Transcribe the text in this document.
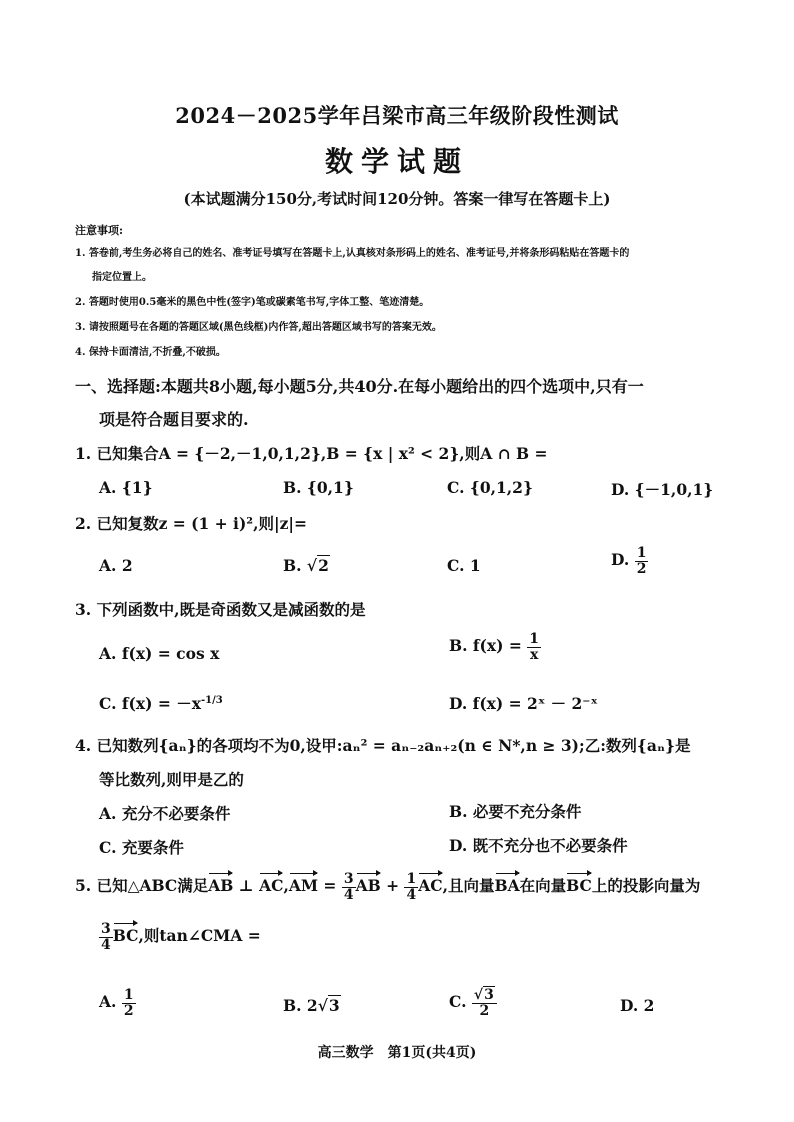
2024－2025学年吕梁市高三年级阶段性测试
数学试题
(本试题满分150分,考试时间120分钟。答案一律写在答题卡上)
注意事项:
1. 答卷前,考生务必将自己的姓名、准考证号填写在答题卡上,认真核对条形码上的姓名、准考证号,并将条形码粘贴在答题卡的
指定位置上。
2. 答题时使用0.5毫米的黑色中性(签字)笔或碳素笔书写,字体工整、笔迹清楚。
3. 请按照题号在各题的答题区域(黑色线框)内作答,超出答题区域书写的答案无效。
4. 保持卡面清洁,不折叠,不破损。
一、选择题:本题共8小题,每小题5分,共40分.在每小题给出的四个选项中,只有一
项是符合题目要求的.
1. 已知集合A = {－2,－1,0,1,2},B = {x | x² < 2},则A ∩ B =
A. {1}	B. {0,1}	C. {0,1,2}	D. {－1,0,1}
2. 已知复数z = (1 + i)²,则|z|=
A. 2	B. √2	C. 1	D. $\frac{1}{2}$
3. 下列函数中,既是奇函数又是减函数的是
A. f(x) = cos x	B. $f(x) = \frac{1}{x}$
C. $f(x) = -x^{-1/3}$	D. f(x) = 2ˣ － 2⁻ˣ
4. 已知数列{aₙ}的各项均不为0,设甲:aₙ² = aₙ₋₂aₙ₊₂(n ∈ N*,n ≥ 3);乙:数列{aₙ}是
等比数列,则甲是乙的
A. 充分不必要条件	B. 必要不充分条件
C. 充要条件	D. 既不充分也不必要条件
5. 已知△ABC满足AB ⊥ $AC,AM = \frac{3}{4}$ AB + $\frac{1}{4}$ AC,且向量BA在向量BC上的投影向量为
$\frac{3}{4}$ BC,则tan∠CMA =
A. $\frac{1}{2}$	B. 2√3	C. $\frac{√3}{2}$	D. 2
高三数学　第1页(共4页)
